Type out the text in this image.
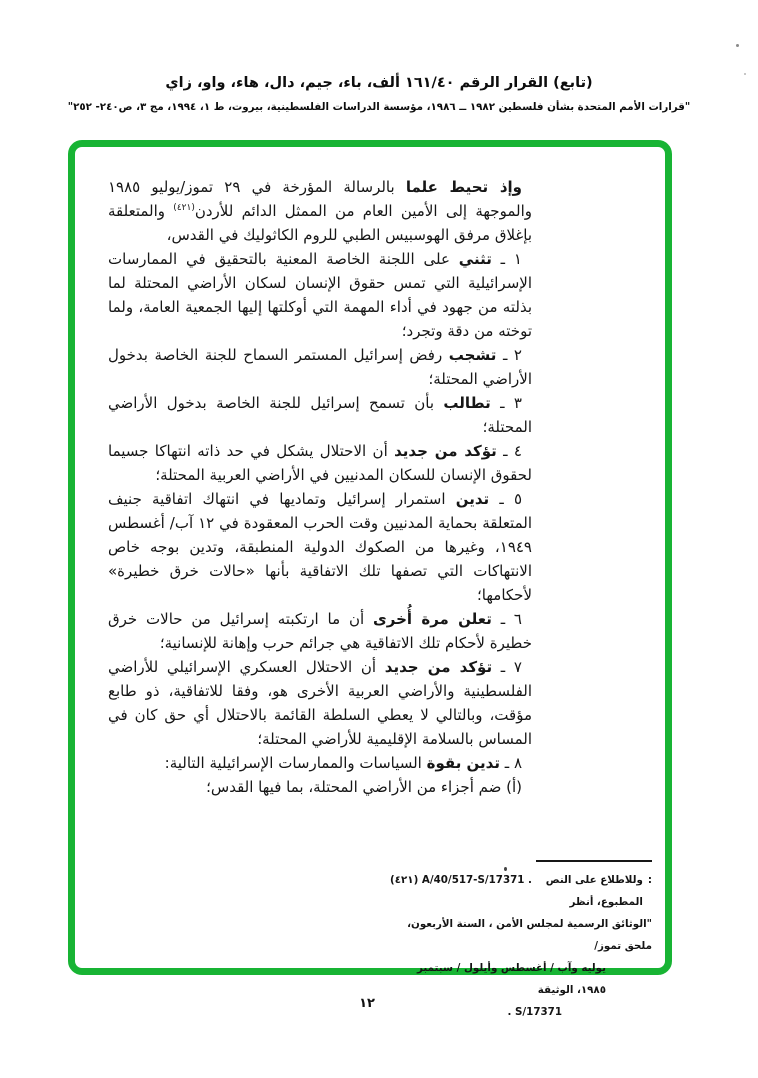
(تابع) القرار الرقم ١٦١/٤٠ ألف، باء، جيم، دال، هاء، واو، زاي
"قرارات الأمم المتحدة بشأن فلسطين ١٩٨٢ ــ ١٩٨٦، مؤسسة الدراسات الفلسطينية، بيروت، ط ١، ١٩٩٤، مج ٣، ص٢٤٠- ٢٥٢"

وإذ تحيط علما بالرسالة المؤرخة في ٢٩ تموز/يوليو ١٩٨٥ والموجهة إلى الأمين العام من الممثل الدائم للأردن$^{(٤٢١)}$ والمتعلقة بإغلاق مرفق الهوسبيس الطبي للروم الكاثوليك في القدس،

١ ـ تثني على اللجنة الخاصة المعنية بالتحقيق في الممارسات الإسرائيلية التي تمس حقوق الإنسان لسكان الأراضي المحتلة لما بذلته من جهود في أداء المهمة التي أوكلتها إليها الجمعية العامة، ولما توخته من دقة وتجرد؛

٢ ـ تشجب رفض إسرائيل المستمر السماح للجنة الخاصة بدخول الأراضي المحتلة؛

٣ ـ تطالب بأن تسمح إسرائيل للجنة الخاصة بدخول الأراضي المحتلة؛

٤ ـ تؤكد من جديد أن الاحتلال يشكل في حد ذاته انتهاكا جسيما لحقوق الإنسان للسكان المدنيين في الأراضي العربية المحتلة؛

٥ ـ تدين استمرار إسرائيل وتماديها في انتهاك اتفاقية جنيف المتعلقة بحماية المدنيين وقت الحرب المعقودة في ١٢ آب/ أغسطس ١٩٤٩، وغيرها من الصكوك الدولية المنطبقة، وتدين بوجه خاص الانتهاكات التي تصفها تلك الاتفاقية بأنها «حالات خرق خطيرة» لأحكامها؛

٦ ـ تعلن مرة أُخرى أن ما ارتكبته إسرائيل من حالات خرق خطيرة لأحكام تلك الاتفاقية هي جرائم حرب وإهانة للإنسانية؛

٧ ـ تؤكد من جديد أن الاحتلال العسكري الإسرائيلي للأراضي الفلسطينية والأراضي العربية الأخرى هو، وفقا للاتفاقية، ذو طابع مؤقت، وبالتالي لا يعطي السلطة القائمة بالاحتلال أي حق كان في المساس بالسلامة الإقليمية للأراضي المحتلة؛

٨ ـ تدين بقوة السياسات والممارسات الإسرائيلية التالية:

(أ) ضم أجزاء من الأراضي المحتلة، بما فيها القدس؛

(٤٢١) A/40/517-S/17371 .	وللاطلاع على النص المطبوع، أنظر
:
"الوثائق الرسمية لمجلس الأمن ، السنة الأربعون، ملحق تموز/
يوليه وآب / أغسطس وأيلول / سبتمبر ١٩٨٥، الوثيقة
. S/17371
١٢
